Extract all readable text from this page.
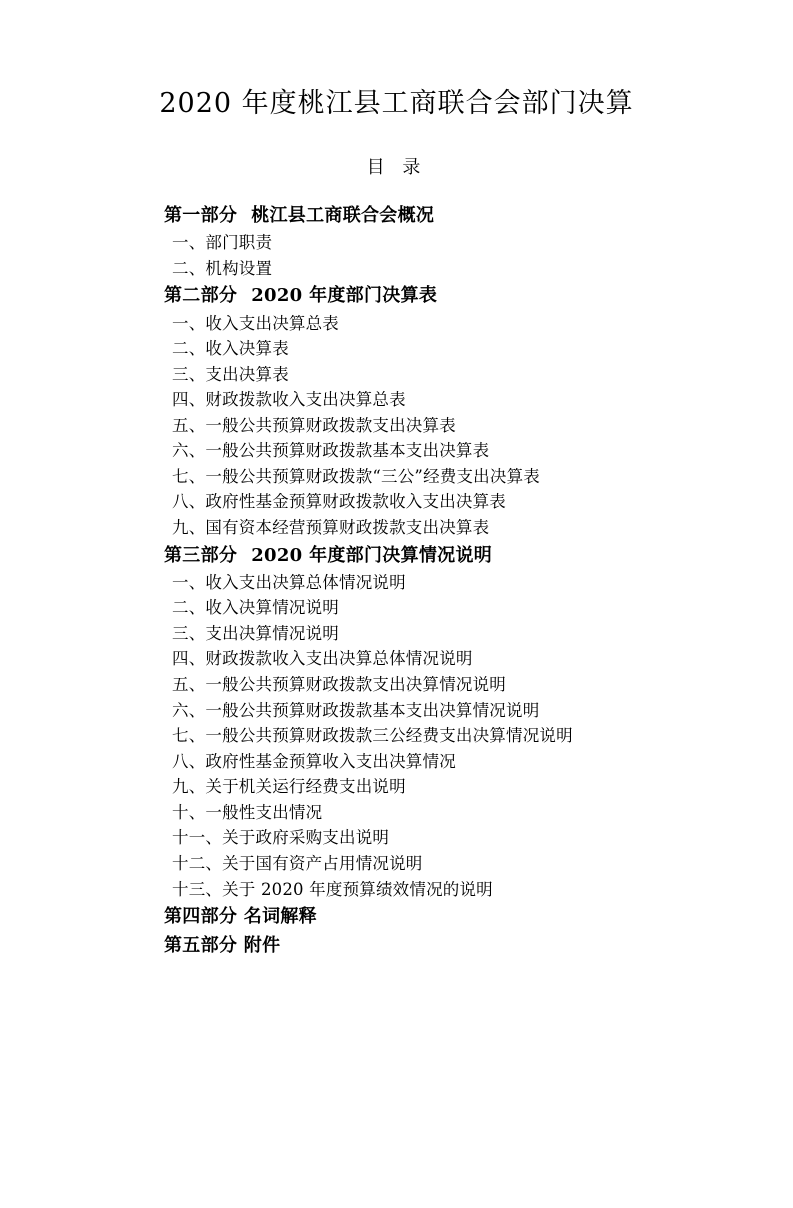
2020 年度桃江县工商联合会部门决算
目 录
第一部分 桃江县工商联合会概况
一、部门职责
二、机构设置
第二部分 2020 年度部门决算表
一、收入支出决算总表
二、收入决算表
三、支出决算表
四、财政拨款收入支出决算总表
五、一般公共预算财政拨款支出决算表
六、一般公共预算财政拨款基本支出决算表
七、一般公共预算财政拨款“三公”经费支出决算表
八、政府性基金预算财政拨款收入支出决算表
九、国有资本经营预算财政拨款支出决算表
第三部分 2020 年度部门决算情况说明
一、收入支出决算总体情况说明
二、收入决算情况说明
三、支出决算情况说明
四、财政拨款收入支出决算总体情况说明
五、一般公共预算财政拨款支出决算情况说明
六、一般公共预算财政拨款基本支出决算情况说明
七、一般公共预算财政拨款三公经费支出决算情况说明
八、政府性基金预算收入支出决算情况
九、关于机关运行经费支出说明
十、一般性支出情况
十一、关于政府采购支出说明
十二、关于国有资产占用情况说明
十三、关于 2020 年度预算绩效情况的说明
第四部分 名词解释
第五部分 附件
